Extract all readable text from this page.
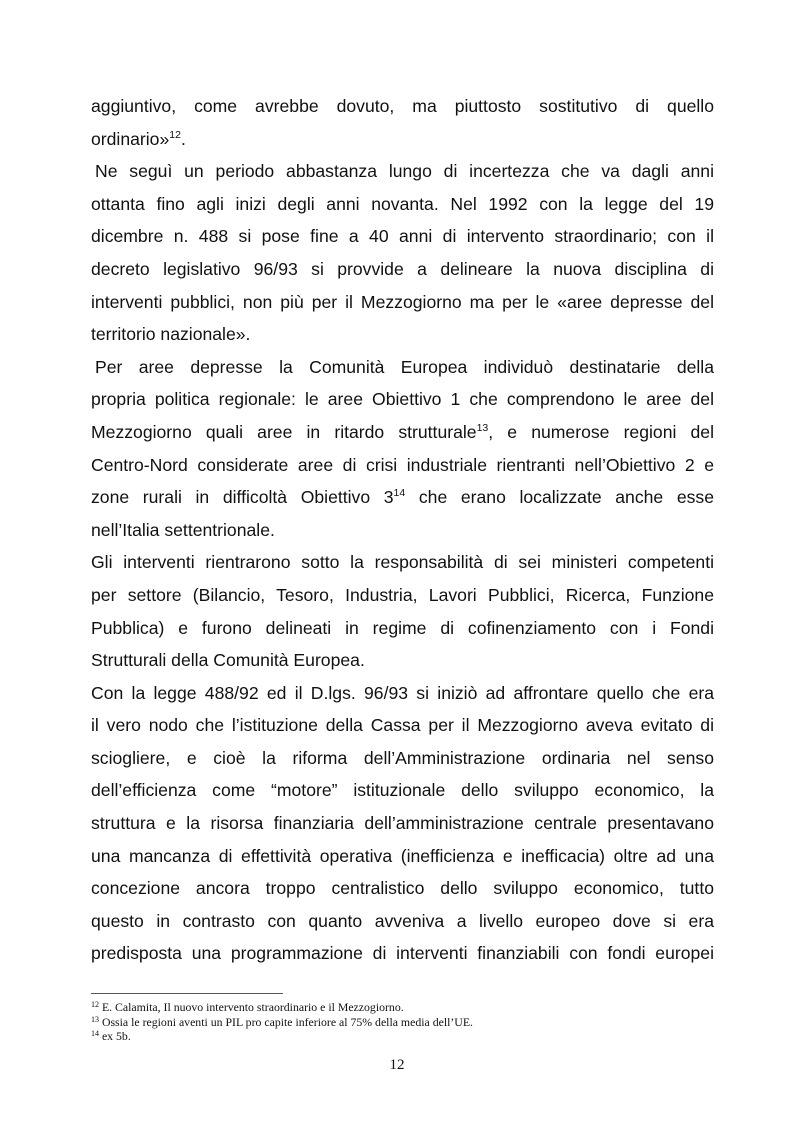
aggiuntivo, come avrebbe dovuto, ma piuttosto sostitutivo di quello
ordinario»$^{12}$.
Ne seguì un periodo abbastanza lungo di incertezza che va dagli anni
ottanta fino agli inizi degli anni novanta. Nel 1992 con la legge del 19
dicembre n. 488 si pose fine a 40 anni di intervento straordinario; con il
decreto legislativo 96/93 si provvide a delineare la nuova disciplina di
interventi pubblici, non più per il Mezzogiorno ma per le «aree depresse del
territorio nazionale».
Per aree depresse la Comunità Europea individuò destinatarie della
propria politica regionale: le aree Obiettivo 1 che comprendono le aree del
Mezzogiorno quali aree in ritardo strutturale$^{13}$, e numerose regioni del
Centro-Nord considerate aree di crisi industriale rientranti nell’Obiettivo 2 e
zone rurali in difficoltà Obiettivo $3^{14}$ che erano localizzate anche esse
nell’Italia settentrionale.
Gli interventi rientrarono sotto la responsabilità di sei ministeri competenti
per settore (Bilancio, Tesoro, Industria, Lavori Pubblici, Ricerca, Funzione
Pubblica) e furono delineati in regime di cofinenziamento con i Fondi
Strutturali della Comunità Europea.
Con la legge 488/92 ed il D.lgs. 96/93 si iniziò ad affrontare quello che era
il vero nodo che l’istituzione della Cassa per il Mezzogiorno aveva evitato di
sciogliere, e cioè la riforma dell’Amministrazione ordinaria nel senso
dell’efficienza come “motore” istituzionale dello sviluppo economico, la
struttura e la risorsa finanziaria dell’amministrazione centrale presentavano
una mancanza di effettività operativa (inefficienza e inefficacia) oltre ad una
concezione ancora troppo centralistico dello sviluppo economico, tutto
questo in contrasto con quanto avveniva a livello europeo dove si era
predisposta una programmazione di interventi finanziabili con fondi europei
$^{12}$ E. Calamita, Il nuovo intervento straordinario e il Mezzogiorno.
$^{13}$ Ossia le regioni aventi un PIL pro capite inferiore al 75% della media dell’UE.
$^{14}$ ex 5b.
12
